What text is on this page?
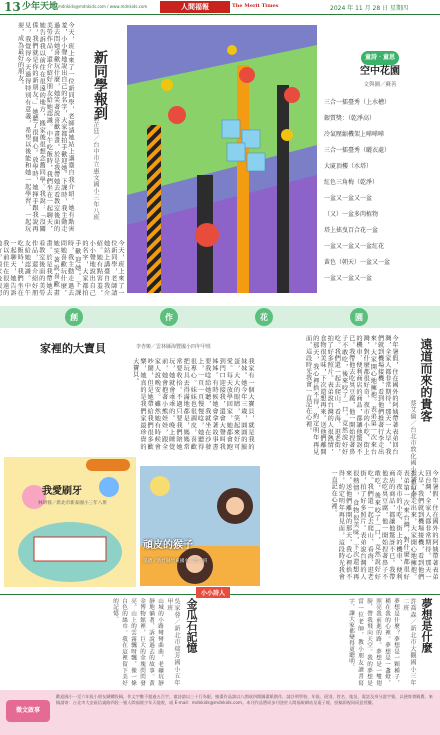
13 少年天地 mdnkids@mdnkids.com / www.mdnkids.com	人間福報	The Merit Times	2024 年 11 月 28 日 星期四
新同學報到
劉芷廷／台中市立惠文國小三年八班
今天，班上來了一位新同學，老師請她站上講臺自我介紹。她有點害羞，小小聲地說出自己的名字，大家都拍手歡迎她。下課時，我主動走過去問她喜歡玩什麼，她笑著說喜歡畫畫。於是我帶她去看教室後面的美勞作品，還介紹好朋友給她認識。中午吃飯時，我們坐在一起聊天，她告訴我以前住在很遠的地方，搬家後很想念舊同學。我說：「沒關係，我們就是你的新朋友。」她聽了很開心。放學時，她揮手跟我說再見，我覺得今天過得特別有意義，希望以後能和她一起學習、一起玩耍，成為最好的朋友。
今天，班上來了一位新同學，老師請她站上講臺自我介紹。她有點害羞，小小聲地說出自己的名字，大家都拍手歡迎她。下課時，我主動走過去問她喜歡玩什麼，她笑著說喜歡畫畫。於是我帶她去看教室後面的美勞作品，還介紹好朋友給她認識。中午吃飯時，我們坐在一起聊天，她告訴我以前住在很遠的
童詩‧童思
空中花園
文與圖／蘇善
三合一擂臺秀（上水槽）
銀質獎：（乾淨高）
冷氣壓縮機架上嘩嘩嘩
三合一擂臺秀（曬衣處）
大廈頂樓（水塔）
紅色三角梅（乾淨）
一盆又一盆又一盆
（又）一盆多肉植物
塔上搖曳百合花一盆
一盆又一盆又一盆紅花
黃色（朝天）一盆又一盆
一盆又一盆又一盆
創	作	花	園
家裡的大寶貝	李杏姬／雲林縣海豐國小四年甲班
我家有一個大寶貝，就是我的妹妹。她今年三歲，圓圓的臉蛋，大大的眼睛，笑起來好可愛。每天放學回家，她都會跑到門口迎接我，還會大聲叫我姊姊。有時候她會拿著故事書要我唸給她聽，我就坐在沙發上，一頁一頁慢慢唸，她聽得很專心。妹妹也很調皮，喜歡把玩具丟得滿地都是，媽媽常常要收拾。不過只要我們陪她玩，她就會乖乖的。晚上睡覺前，她會抱著小熊娃娃，跟全家人說晚安。雖然她有時候會吵鬧，但是她帶給我們很多歡樂，她真的是我們家最珍貴的大寶貝。	遠道而來的貴客
蔡艾倫／台北市敦化國小六年甲班
今年暑假，住在國外的阿姨帶著表弟回台灣，全家人都非常期待。那天一大早，我們就到機場接機，看到他們推著行李走出來，大家開心地擁抱。表弟第一次來台灣，對什麼都很好奇，夜市的小吃、街上的機車、便利商店的商品，都讓他驚訝不已。我帶他去吃臭豆腐，他一開始捏著鼻子不敢吃，後來咬了一口，竟然說好好吃。我們還一起去爬山、看海、逛老街，拍了好多照片。表弟說台灣的人很熱情，食物很美味，下次還想再來。送他們離開的那天，我心裡捨不得，約定明年再見面，這段時光我會一直記在心裡。
今年暑假，住在國外的阿姨帶著表弟回台灣，全家人都非常期待。那天一大早，我們就到機場接機，看到他們推著行李走出來，大家開心地擁抱。表弟第一次來台灣，對什麼都很好奇，夜市的小吃、街上的機車、便利商店的商品，都讓他驚訝不已。我帶他去吃臭豆腐，他一開始捏著鼻子不敢吃，後來咬了一口，竟然說好好吃。我們還一起去爬山、看海、逛老街，拍了好多照片。表弟說台灣的人很熱情，食物很美味，下次還想再來。送他們離開的那天，我心裡捨不得，約定明年再見面，這段時光我會一直記在心裡。
我愛刷牙
林妍蓉／新北市新泰國小三年八班
頑皮的猴子
張德／新竹縣竹東國小二年三班
小小詩人
夢想是什麼
許喬森／新北市大觀國小三年二班
夢想是什麼？夢想是一顆種子，種在我的心裡。夢想是一盞燈，照亮我前進的路。夢想是一雙翅膀，帶我飛向天空。我的夢想是當一位老師，教小朋友讀書寫字，讓大家都變得更聰明。
金瓜石記憶
吳家蓉／新北市瑞芳國小五年甲班
山城的小路彎彎曲曲，老礦坑靜靜地躺著，訴說過去的故事。黃金博物館裡，巨大的金塊閃閃發亮。山上的雲霧飄呀飄，像一條白色的絲巾。我在這裡留下美好的記憶。
徵文啟事
歡迎國小一至六年級小朋友踴躍投稿，作文字數不超過五百字，童詩請以三十行為限，繪畫作品請以八開或四開圖畫紙創作，請註明學校、年級、班別、姓名、地址、電話及身分證字號，以便寄發稿費。來稿請寄：台北市大安區信義路四段一號人間福報少年天地收，或 E-mail：mdnkids@mdnkids.com。本刊作品將同步刊登於人間福報網站及電子報，投稿即視同同意授權。
